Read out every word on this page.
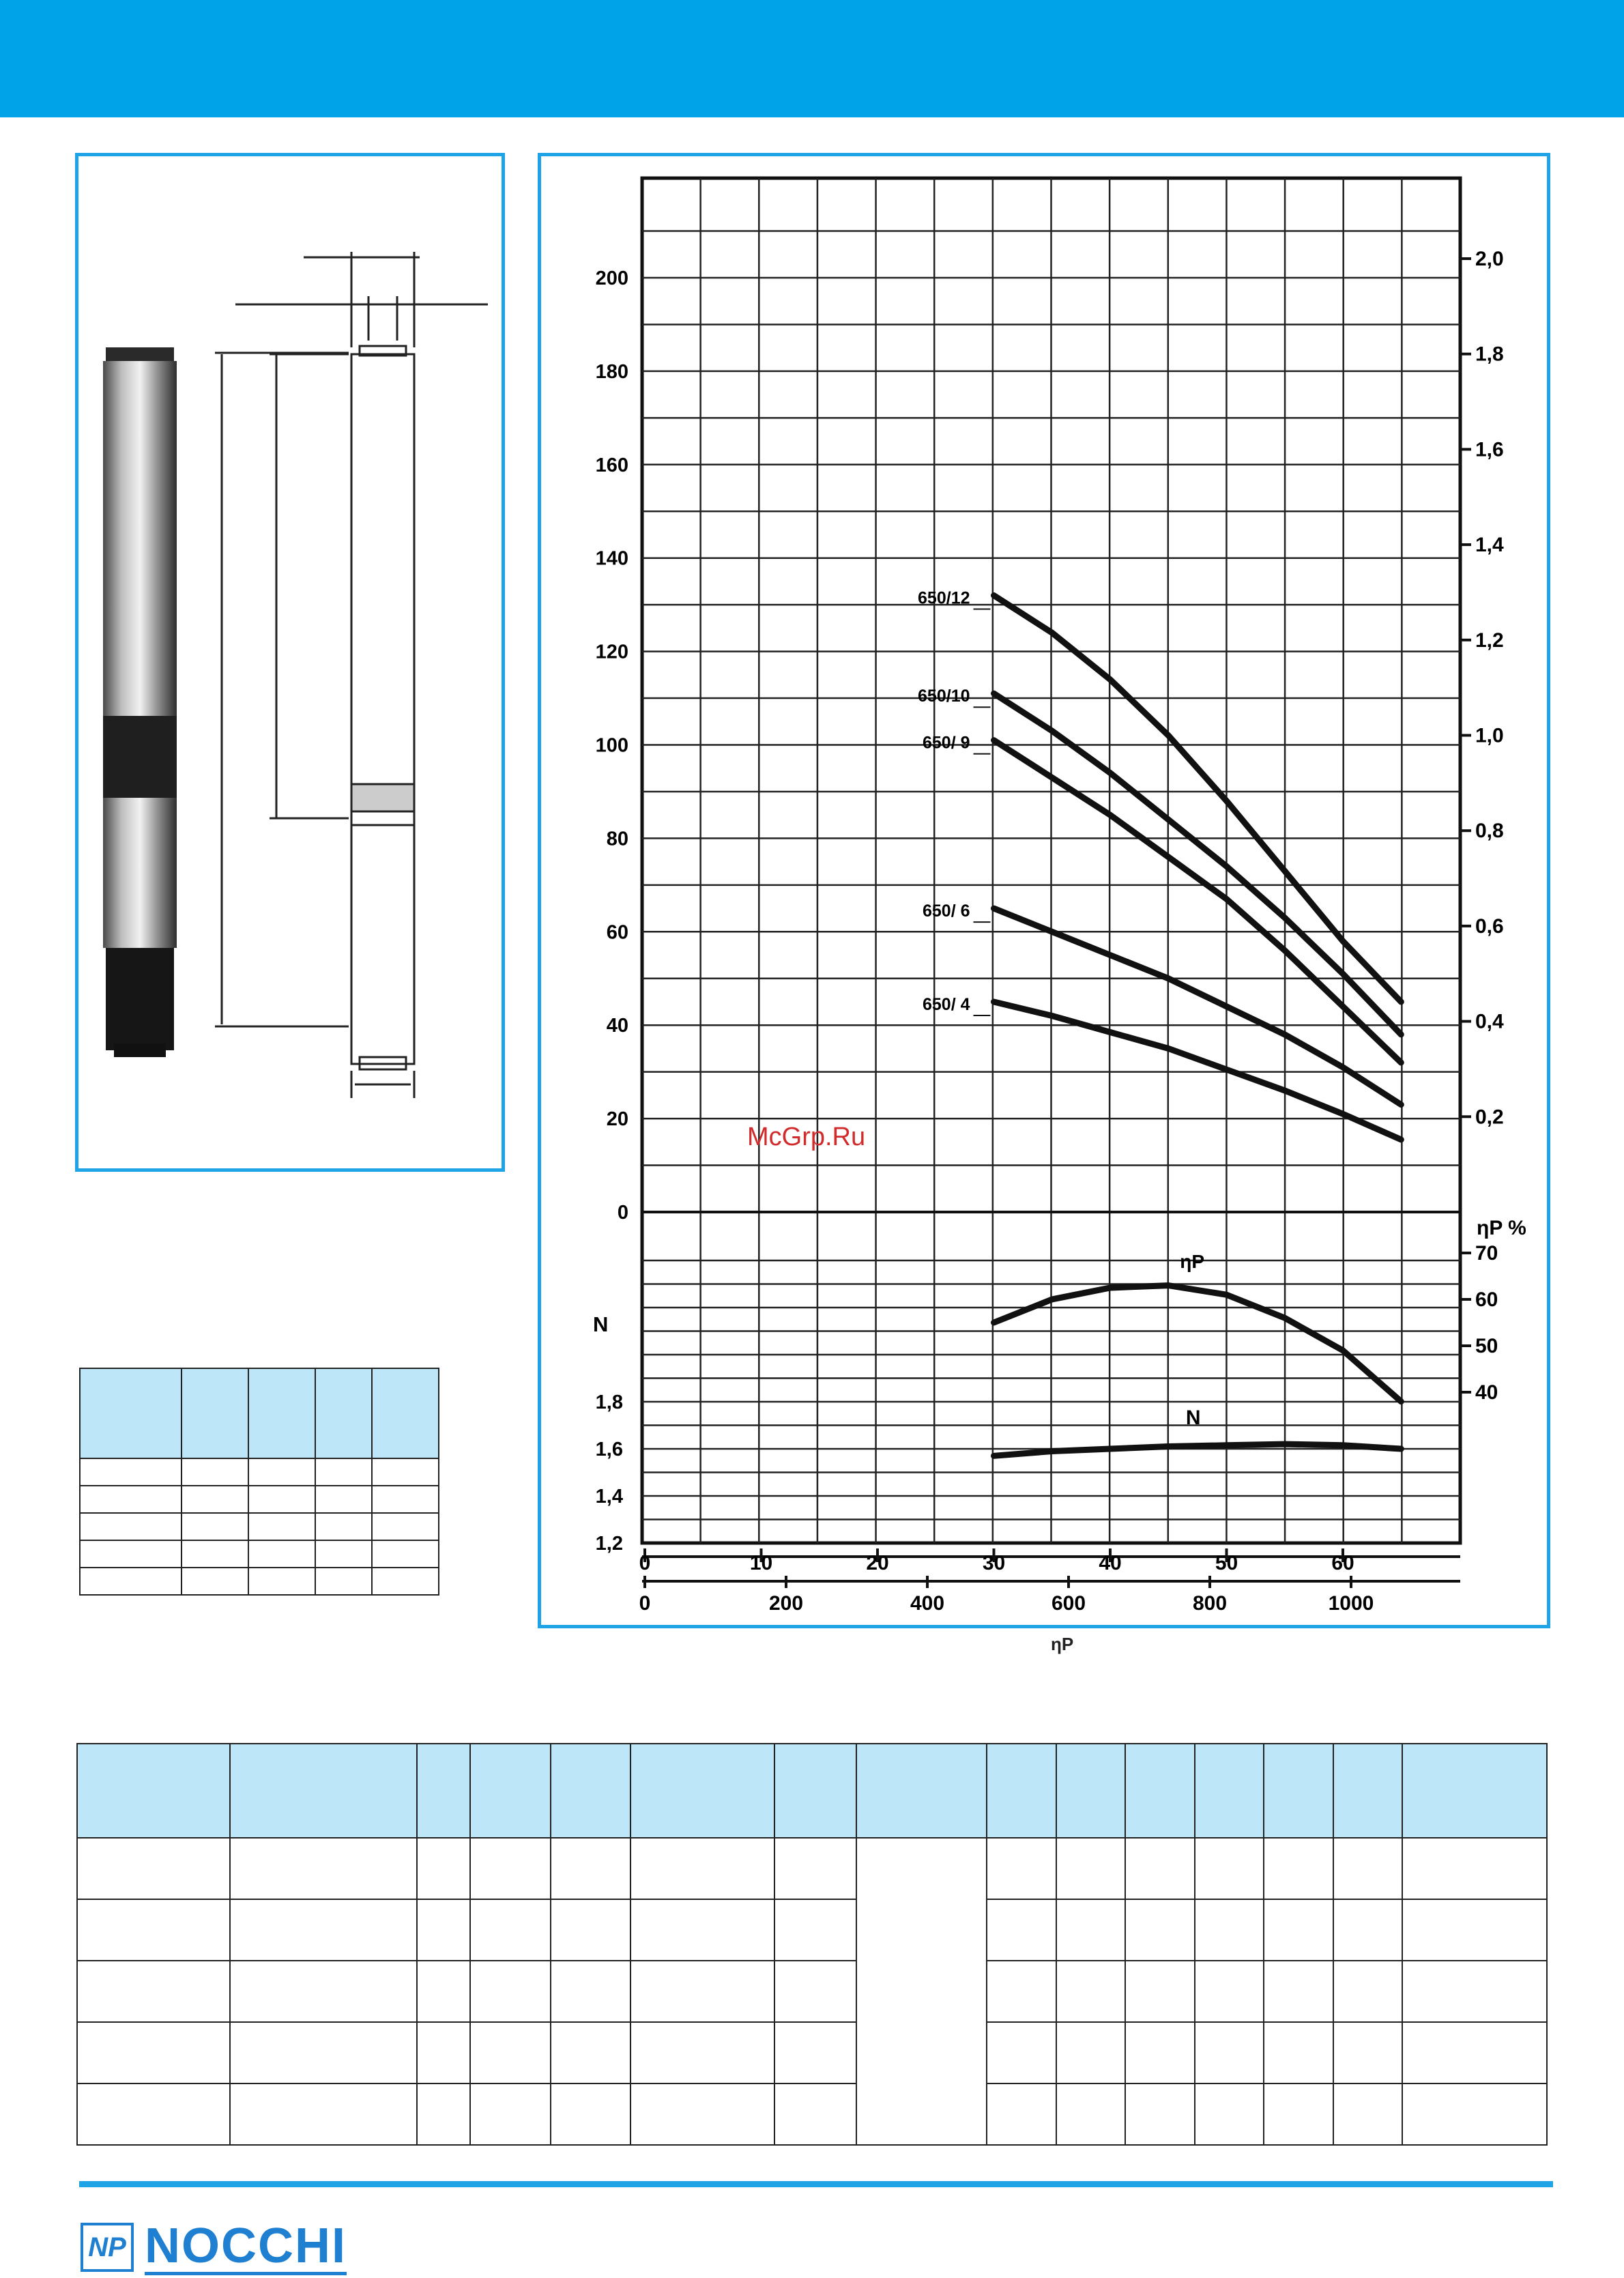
0
20
40
60
80
100
120
140
160
180
200
0,2
0,4
0,6
0,8
1,0
1,2
1,4
1,6
1,8
2,0
1,2
1,4
1,6
1,8
N
40
50
60
70
ηP %
0	10	20	30	40	50	60
0	200	400	600	800	1000
650/12
650/10
650/ 9
650/ 6
650/ 4
ηP
N
McGrp.Ru
ηP

NP NOCCHI
